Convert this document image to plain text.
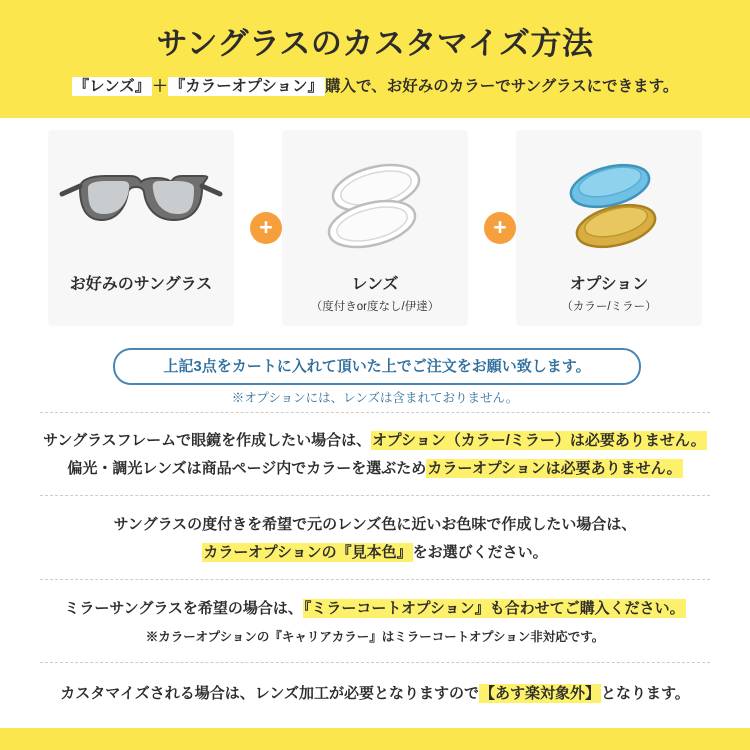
サングラスのカスタマイズ方法
『レンズ』 ＋ 『カラーオプション』 購入で、お好みのカラーでサングラスにできます。
+	+
お好みのサングラス	レンズ
（度付きor度なし/伊達）
オプション
（カラー/ミラー）
上記3点をカートに入れて頂いた上でご注文をお願い致します。
※オプションには、レンズは含まれておりません。
サングラスフレームで眼鏡を作成したい場合は、オプション（カラー/ミラー）は必要ありません。
偏光・調光レンズは商品ページ内でカラーを選ぶためカラーオプションは必要ありません。
サングラスの度付きを希望で元のレンズ色に近いお色味で作成したい場合は、
カラーオプションの『見本色』をお選びください。
ミラーサングラスを希望の場合は、『ミラーコートオプション』も合わせてご購入ください。
※カラーオプションの『キャリアカラー』はミラーコートオプション非対応です。
カスタマイズされる場合は、レンズ加工が必要となりますので【あす楽対象外】となります。
